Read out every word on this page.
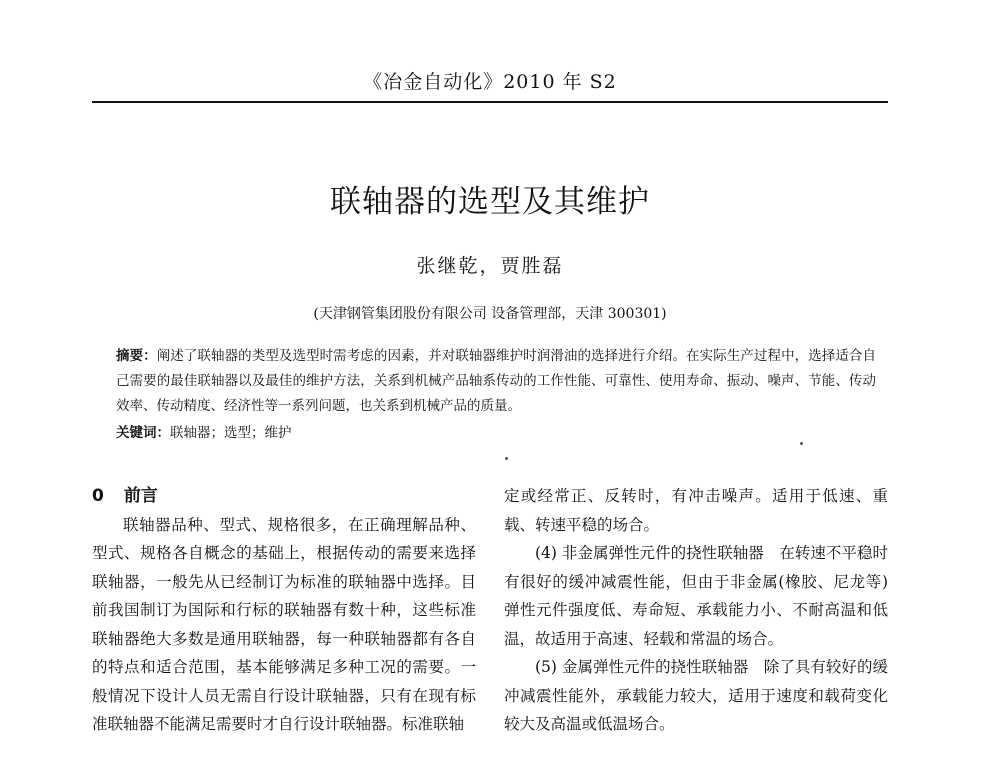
《冶金自动化》2010 年 S2
联轴器的选型及其维护
张继乾，贾胜磊
(天津钢管集团股份有限公司 设备管理部，天津 300301)
摘要：阐述了联轴器的类型及选型时需考虑的因素，并对联轴器维护时润滑油的选择进行介绍。在实际生产过程中，选择适合自己需要的最佳联轴器以及最佳的维护方法，关系到机械产品轴系传动的工作性能、可靠性、使用寿命、振动、噪声、节能、传动效率、传动精度、经济性等一系列问题，也关系到机械产品的质量。
关键词：联轴器；选型；维护
0 前言

联轴器品种、型式、规格很多，在正确理解品种、型式、规格各自概念的基础上，根据传动的需要来选择联轴器，一般先从已经制订为标准的联轴器中选择。目前我国制订为国际和行标的联轴器有数十种，这些标准联轴器绝大多数是通用联轴器，每一种联轴器都有各自的特点和适合范围，基本能够满足多种工况的需要。一般情况下设计人员无需自行设计联轴器，只有在现有标准联轴器不能满足需要时才自行设计联轴器。标准联轴

定或经常正、反转时，有冲击噪声。适用于低速、重载、转速平稳的场合。

(4) 非金属弹性元件的挠性联轴器　在转速不平稳时有很好的缓冲减震性能，但由于非金属(橡胶、尼龙等)弹性元件强度低、寿命短、承载能力小、不耐高温和低温，故适用于高速、轻载和常温的场合。

(5) 金属弹性元件的挠性联轴器　除了具有较好的缓冲减震性能外，承载能力较大，适用于速度和载荷变化较大及高温或低温场合。
